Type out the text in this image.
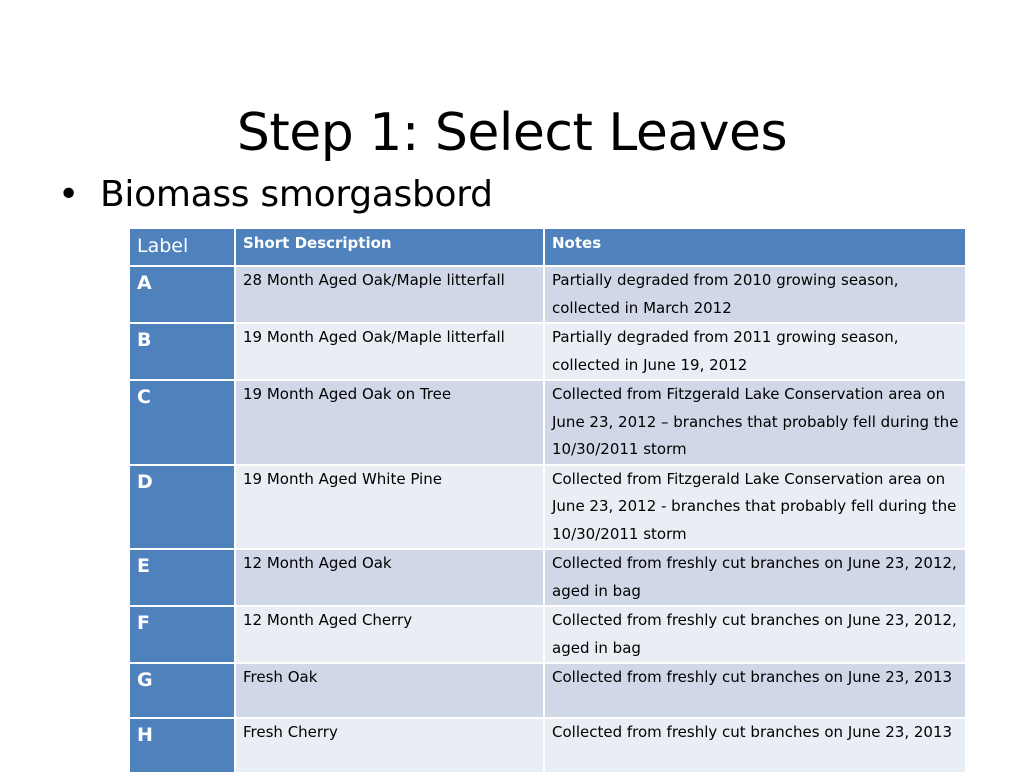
Step 1: Select Leaves
• Biomass smorgasbord
Label	Short Description	Notes
A	28 Month Aged Oak/Maple litterfall	Partially degraded from 2010 growing season, collected in March 2012
B	19 Month Aged Oak/Maple litterfall	Partially degraded from 2011 growing season, collected in June 19, 2012
C	19 Month Aged Oak on Tree	Collected from Fitzgerald Lake Conservation area on June 23, 2012 – branches that probably fell during the 10/30/2011 storm
D	19 Month Aged White Pine	Collected from Fitzgerald Lake Conservation area on June 23, 2012 - branches that probably fell during the 10/30/2011 storm
E	12 Month Aged Oak	Collected from freshly cut branches on June 23, 2012, aged in bag
F	12 Month Aged Cherry	Collected from freshly cut branches on June 23, 2012, aged in bag
G	Fresh Oak	Collected from freshly cut branches on June 23, 2013
H	Fresh Cherry	Collected from freshly cut branches on June 23, 2013
